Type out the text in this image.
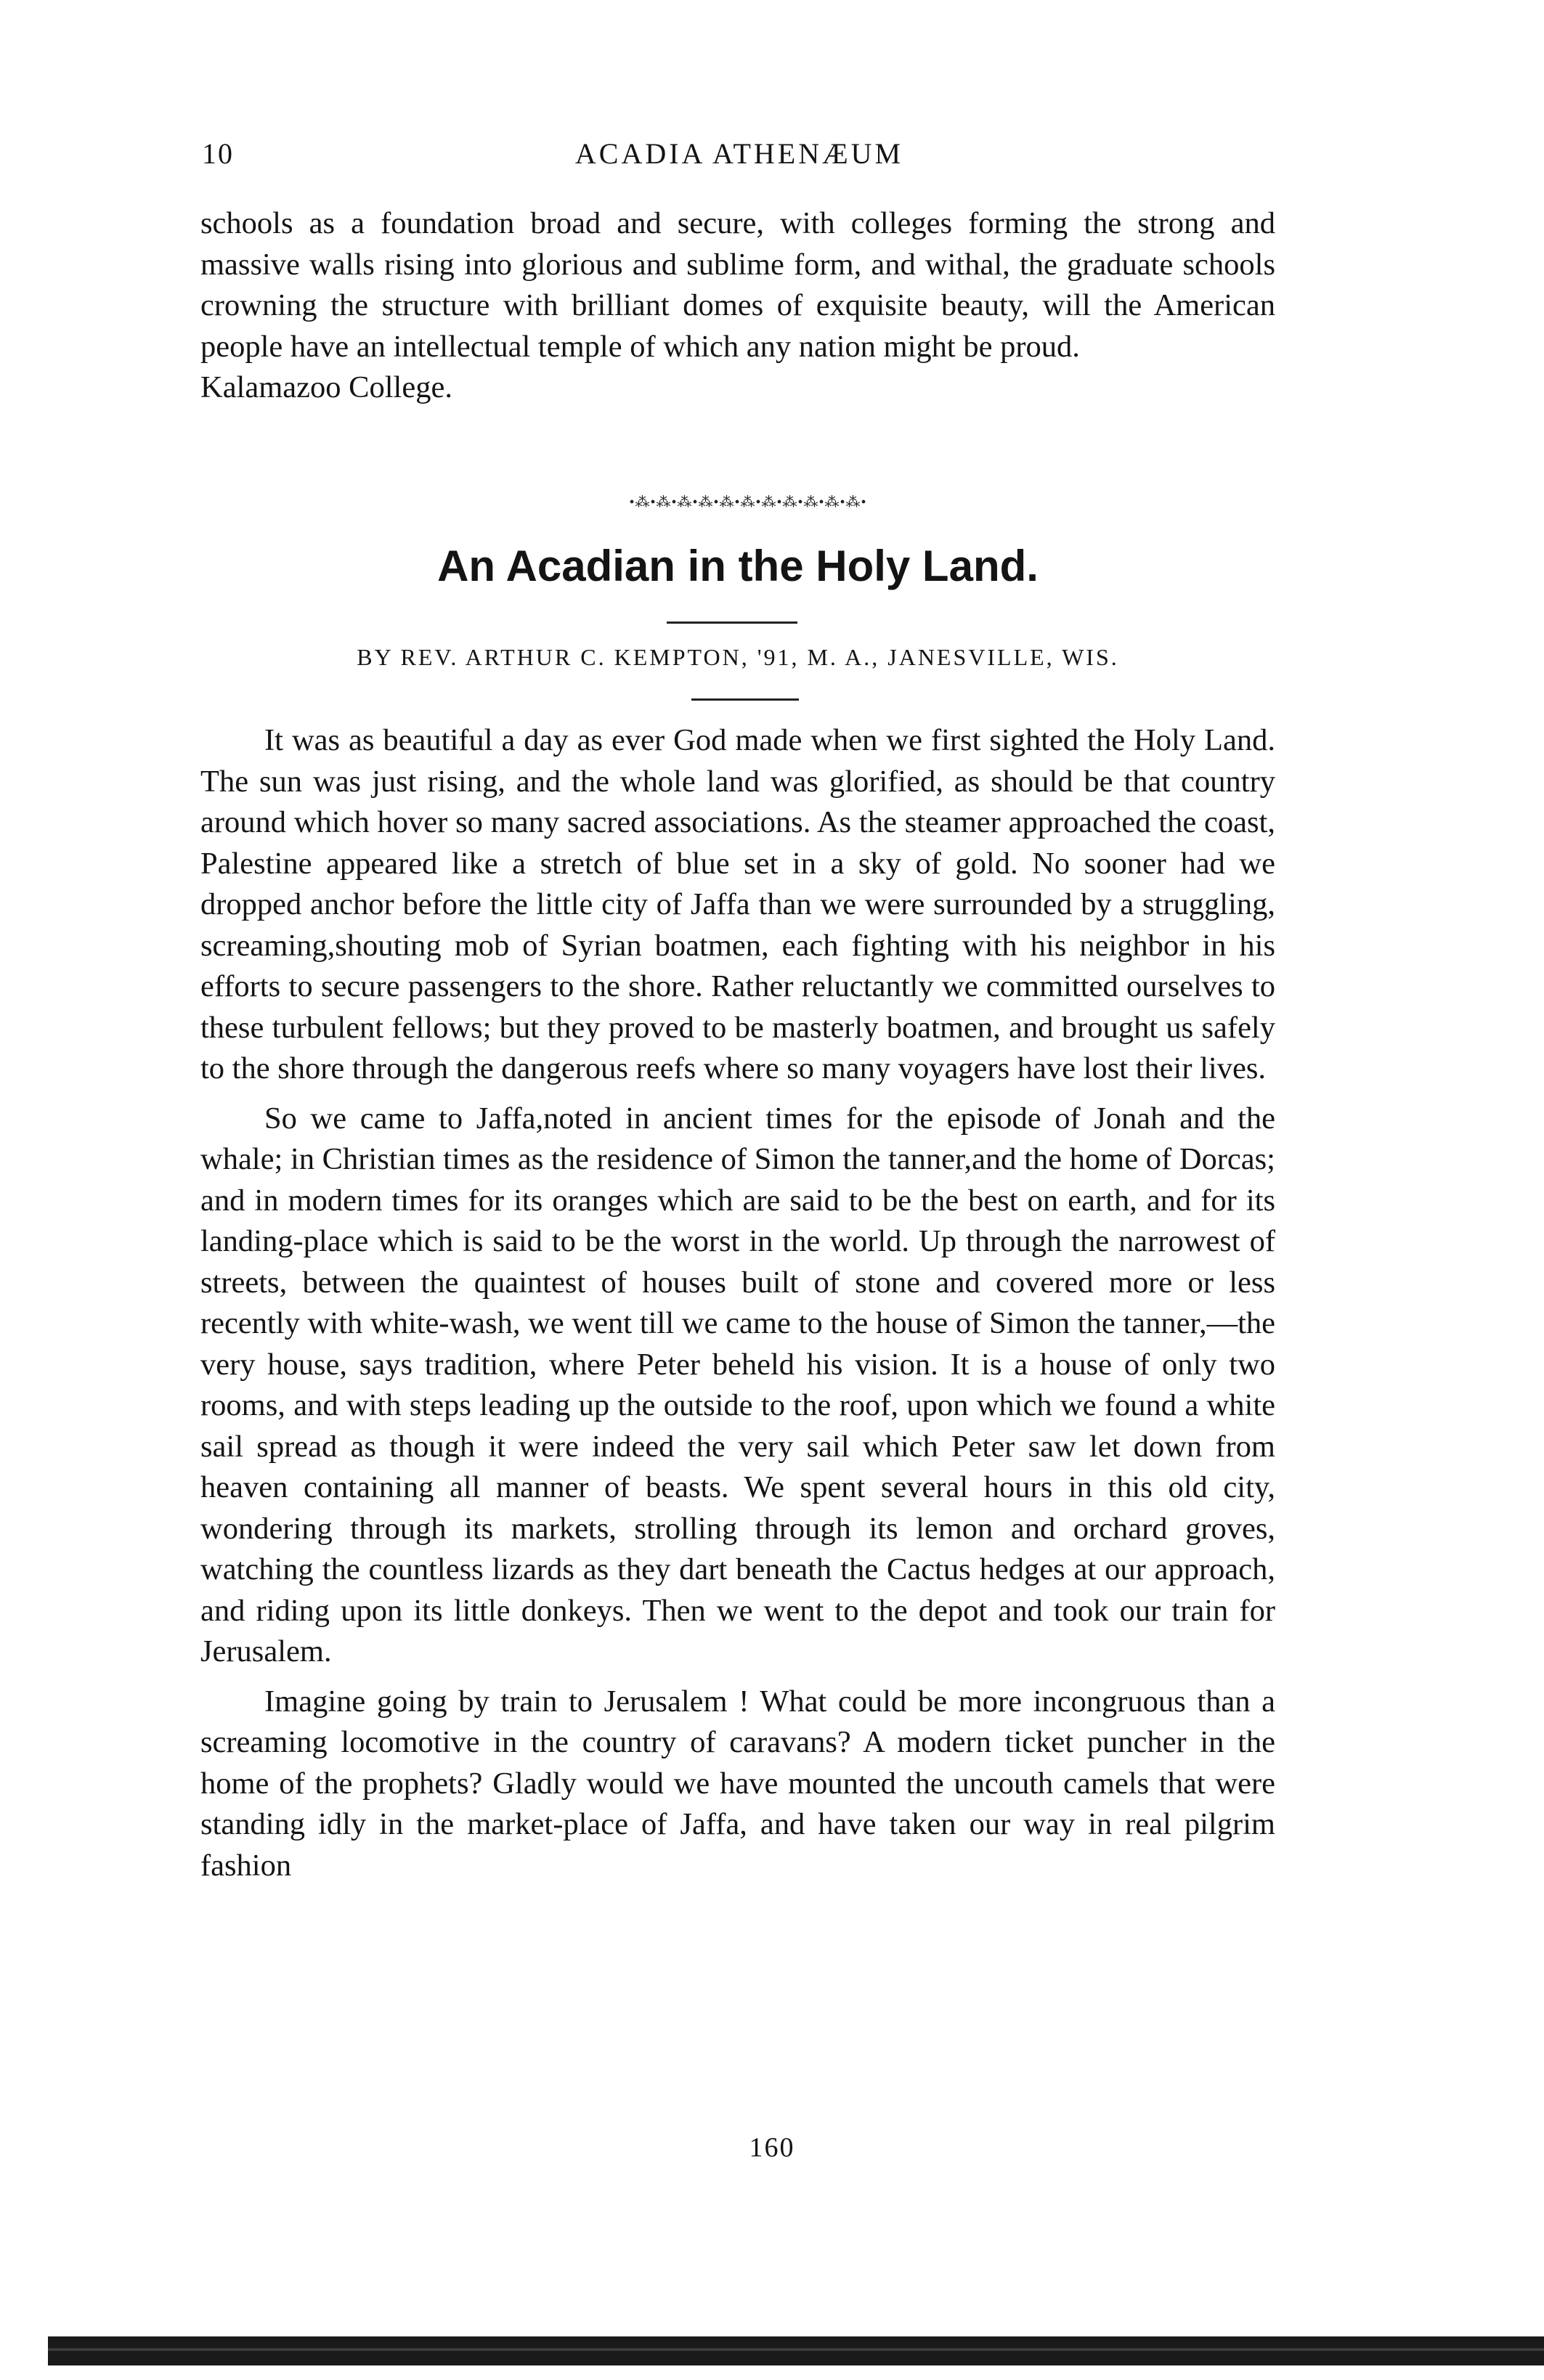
10	ACADIA ATHENÆUM

schools as a foundation broad and secure, with colleges forming the strong and massive walls rising into glorious and sublime form, and withal, the graduate schools crowning the structure with brilliant domes of exquisite beauty, will the American people have an intellectual temple of which any nation might be proud.

Kalamazoo College.
•⁂•⁂•⁂•⁂•⁂•⁂•⁂•⁂•⁂•⁂•⁂•
An Acadian in the Holy Land.
BY REV. ARTHUR C. KEMPTON, '91, M. A., JANESVILLE, WIS.

It was as beautiful a day as ever God made when we first sighted the Holy Land. The sun was just rising, and the whole land was glorified, as should be that country around which hover so many sacred associations. As the steamer approached the coast, Palestine appeared like a stretch of blue set in a sky of gold. No sooner had we dropped anchor before the little city of Jaffa than we were surrounded by a struggling, screaming,shouting mob of Syrian boatmen, each fighting with his neighbor in his efforts to secure passengers to the shore. Rather reluctantly we committed ourselves to these turbulent fellows; but they proved to be masterly boatmen, and brought us safely to the shore through the dangerous reefs where so many voyagers have lost their lives.

So we came to Jaffa,noted in ancient times for the episode of Jonah and the whale; in Christian times as the residence of Simon the tanner,and the home of Dorcas; and in modern times for its oranges which are said to be the best on earth, and for its landing-place which is said to be the worst in the world. Up through the narrowest of streets, between the quaintest of houses built of stone and covered more or less recently with white-wash, we went till we came to the house of Simon the tanner,—the very house, says tradition, where Peter beheld his vision. It is a house of only two rooms, and with steps leading up the outside to the roof, upon which we found a white sail spread as though it were indeed the very sail which Peter saw let down from heaven containing all manner of beasts. We spent several hours in this old city, wondering through its markets, strolling through its lemon and orchard groves, watching the countless lizards as they dart beneath the Cactus hedges at our approach, and riding upon its little donkeys. Then we went to the depot and took our train for Jerusalem.

Imagine going by train to Jerusalem ! What could be more incongruous than a screaming locomotive in the country of caravans? A modern ticket puncher in the home of the prophets? Gladly would we have mounted the uncouth camels that were standing idly in the market-place of Jaffa, and have taken our way in real pilgrim fashion

160
